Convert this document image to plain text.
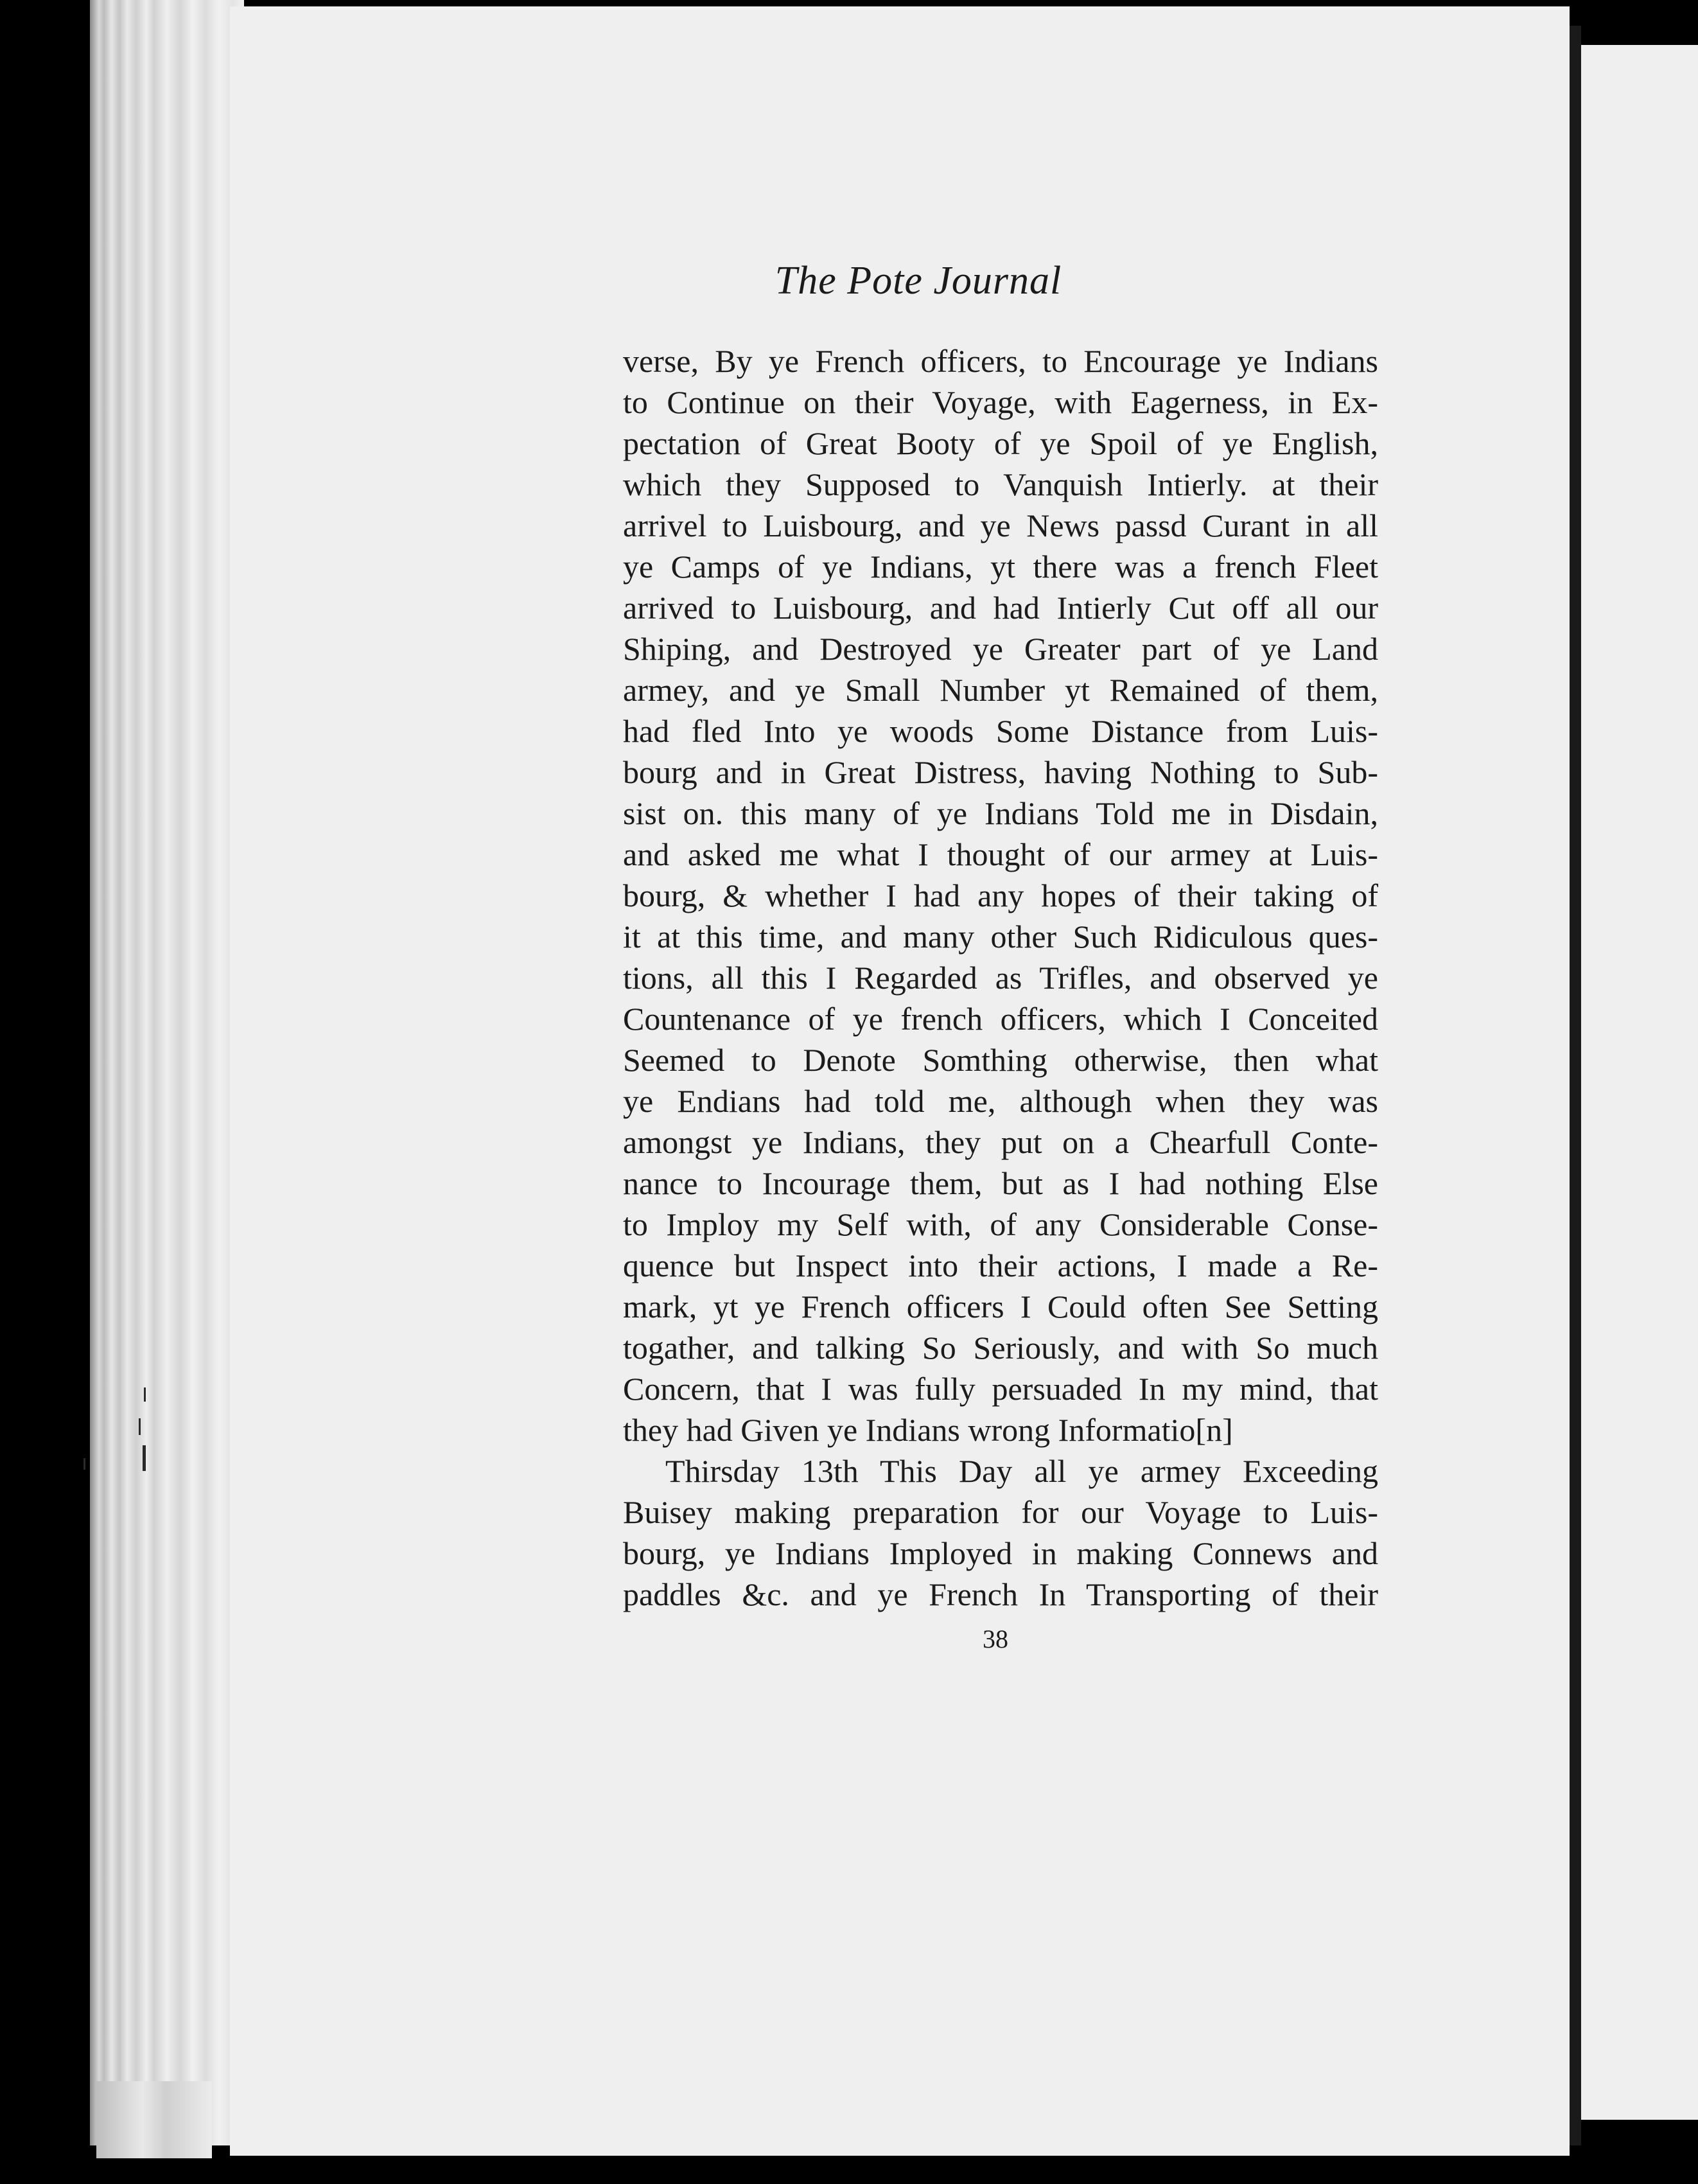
The Pote Journal
verse, By ye French officers, to Encourage ye Indians
to Continue on their Voyage, with Eagerness, in Ex-
pectation of Great Booty of ye Spoil of ye English,
which they Supposed to Vanquish Intierly. at their
arrivel to Luisbourg, and ye News passd Curant in all
ye Camps of ye Indians, yt there was a french Fleet
arrived to Luisbourg, and had Intierly Cut off all our
Shiping, and Destroyed ye Greater part of ye Land
armey, and ye Small Number yt Remained of them,
had fled Into ye woods Some Distance from Luis-
bourg and in Great Distress, having Nothing to Sub-
sist on. this many of ye Indians Told me in Disdain,
and asked me what I thought of our armey at Luis-
bourg, & whether I had any hopes of their taking of
it at this time, and many other Such Ridiculous ques-
tions, all this I Regarded as Trifles, and observed ye
Countenance of ye french officers, which I Conceited
Seemed to Denote Somthing otherwise, then what
ye Endians had told me, although when they was
amongst ye Indians, they put on a Chearfull Conte-
nance to Incourage them, but as I had nothing Else
to Imploy my Self with, of any Considerable Conse-
quence but Inspect into their actions, I made a Re-
mark, yt ye French officers I Could often See Setting
togather, and talking So Seriously, and with So much
Concern, that I was fully persuaded In my mind, that
they had Given ye Indians wrong Informatio[n]
Thirsday 13th This Day all ye armey Exceeding
Buisey making preparation for our Voyage to Luis-
bourg, ye Indians Imployed in making Connews and
paddles &c. and ye French In Transporting of their
38
